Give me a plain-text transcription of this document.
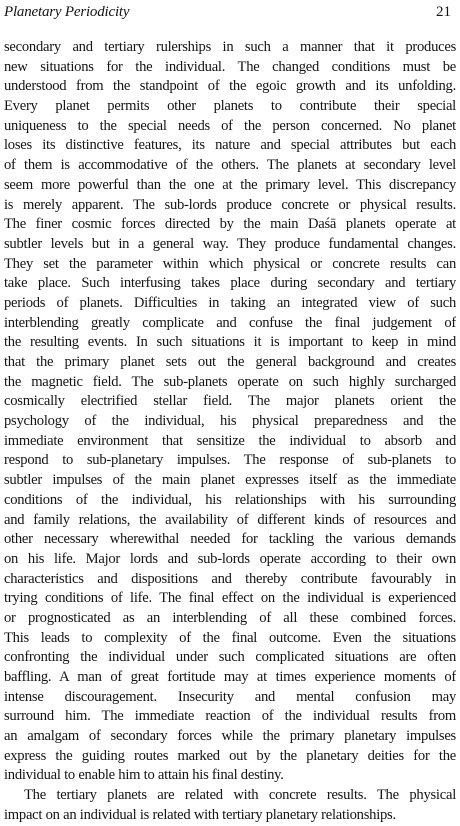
Planetary Periodicity	21
secondary and tertiary rulerships in such a manner that it produces
new situations for the individual. The changed conditions must be
understood from the standpoint of the egoic growth and its unfolding.
Every planet permits other planets to contribute their special
uniqueness to the special needs of the person concerned. No planet
loses its distinctive features, its nature and special attributes but each
of them is accommodative of the others. The planets at secondary level
seem more powerful than the one at the primary level. This discrepancy
is merely apparent. The sub-lords produce concrete or physical results.
The finer cosmic forces directed by the main Daśā planets operate at
subtler levels but in a general way. They produce fundamental changes.
They set the parameter within which physical or concrete results can
take place. Such interfusing takes place during secondary and tertiary
periods of planets. Difficulties in taking an integrated view of such
interblending greatly complicate and confuse the final judgement of
the resulting events. In such situations it is important to keep in mind
that the primary planet sets out the general background and creates
the magnetic field. The sub-planets operate on such highly surcharged
cosmically electrified stellar field. The major planets orient the
psychology of the individual, his physical preparedness and the
immediate environment that sensitize the individual to absorb and
respond to sub-planetary impulses. The response of sub-planets to
subtler impulses of the main planet expresses itself as the immediate
conditions of the individual, his relationships with his surrounding
and family relations, the availability of different kinds of resources and
other necessary wherewithal needed for tackling the various demands
on his life. Major lords and sub-lords operate according to their own
characteristics and dispositions and thereby contribute favourably in
trying conditions of life. The final effect on the individual is experienced
or prognosticated as an interblending of all these combined forces.
This leads to complexity of the final outcome. Even the situations
confronting the individual under such complicated situations are often
baffling. A man of great fortitude may at times experience moments of
intense discouragement. Insecurity and mental confusion may
surround him. The immediate reaction of the individual results from
an amalgam of secondary forces while the primary planetary impulses
express the guiding routes marked out by the planetary deities for the
individual to enable him to attain his final destiny.
The tertiary planets are related with concrete results. The physical
impact on an individual is related with tertiary planetary relationships.
